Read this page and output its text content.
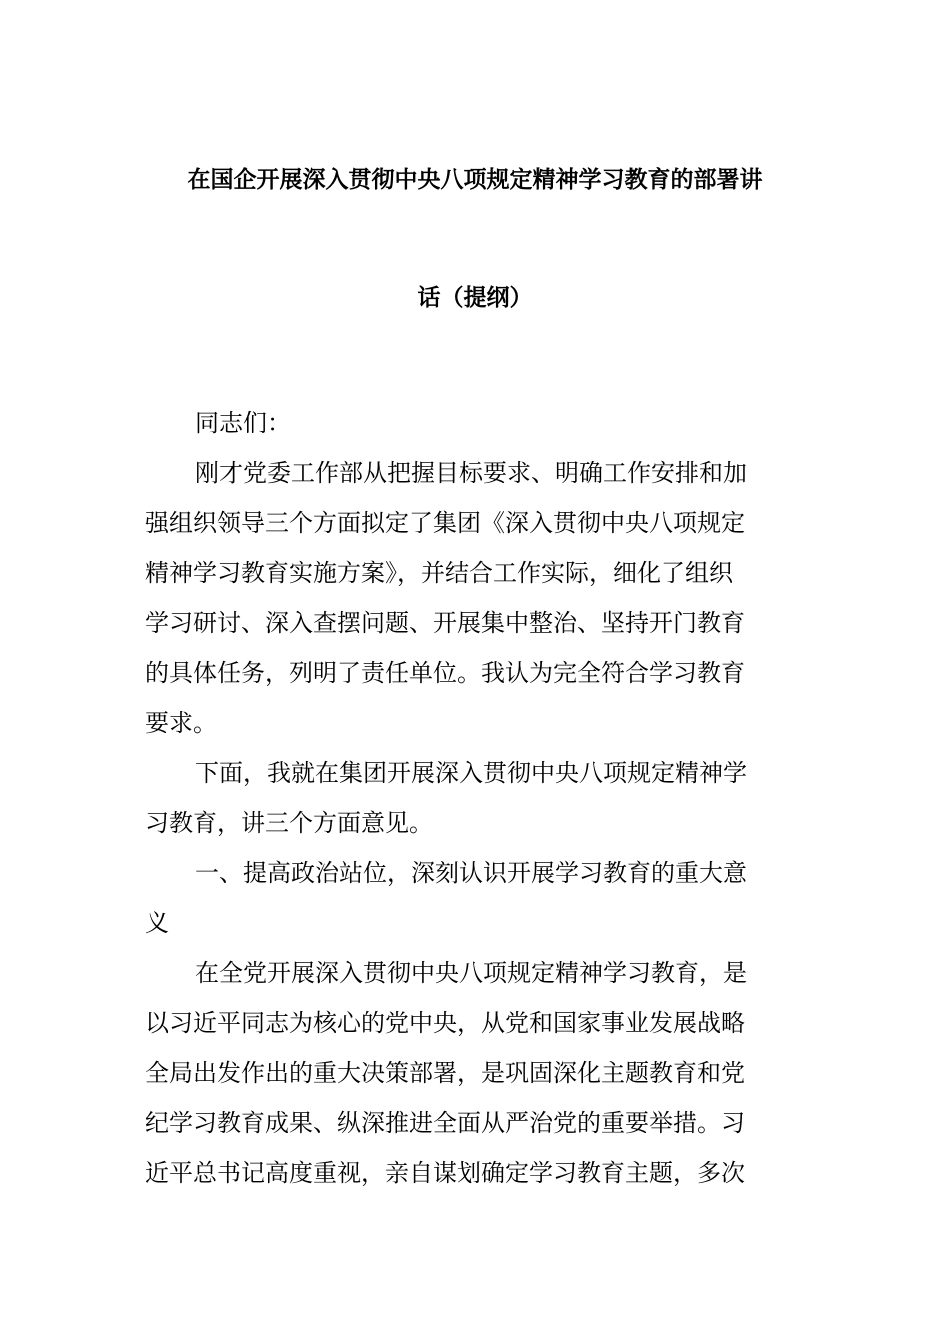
在国企开展深入贯彻中央八项规定精神学习教育的部署讲
话（提纲）
同志们：
刚才党委工作部从把握目标要求、明确工作安排和加
强组织领导三个方面拟定了集团《深入贯彻中央八项规定
精神学习教育实施方案》，并结合工作实际，细化了组织
学习研讨、深入查摆问题、开展集中整治、坚持开门教育
的具体任务，列明了责任单位。我认为完全符合学习教育
要求。
下面，我就在集团开展深入贯彻中央八项规定精神学
习教育，讲三个方面意见。
一、提高政治站位，深刻认识开展学习教育的重大意
义
在全党开展深入贯彻中央八项规定精神学习教育，是
以习近平同志为核心的党中央，从党和国家事业发展战略
全局出发作出的重大决策部署，是巩固深化主题教育和党
纪学习教育成果、纵深推进全面从严治党的重要举措。习
近平总书记高度重视，亲自谋划确定学习教育主题，多次
